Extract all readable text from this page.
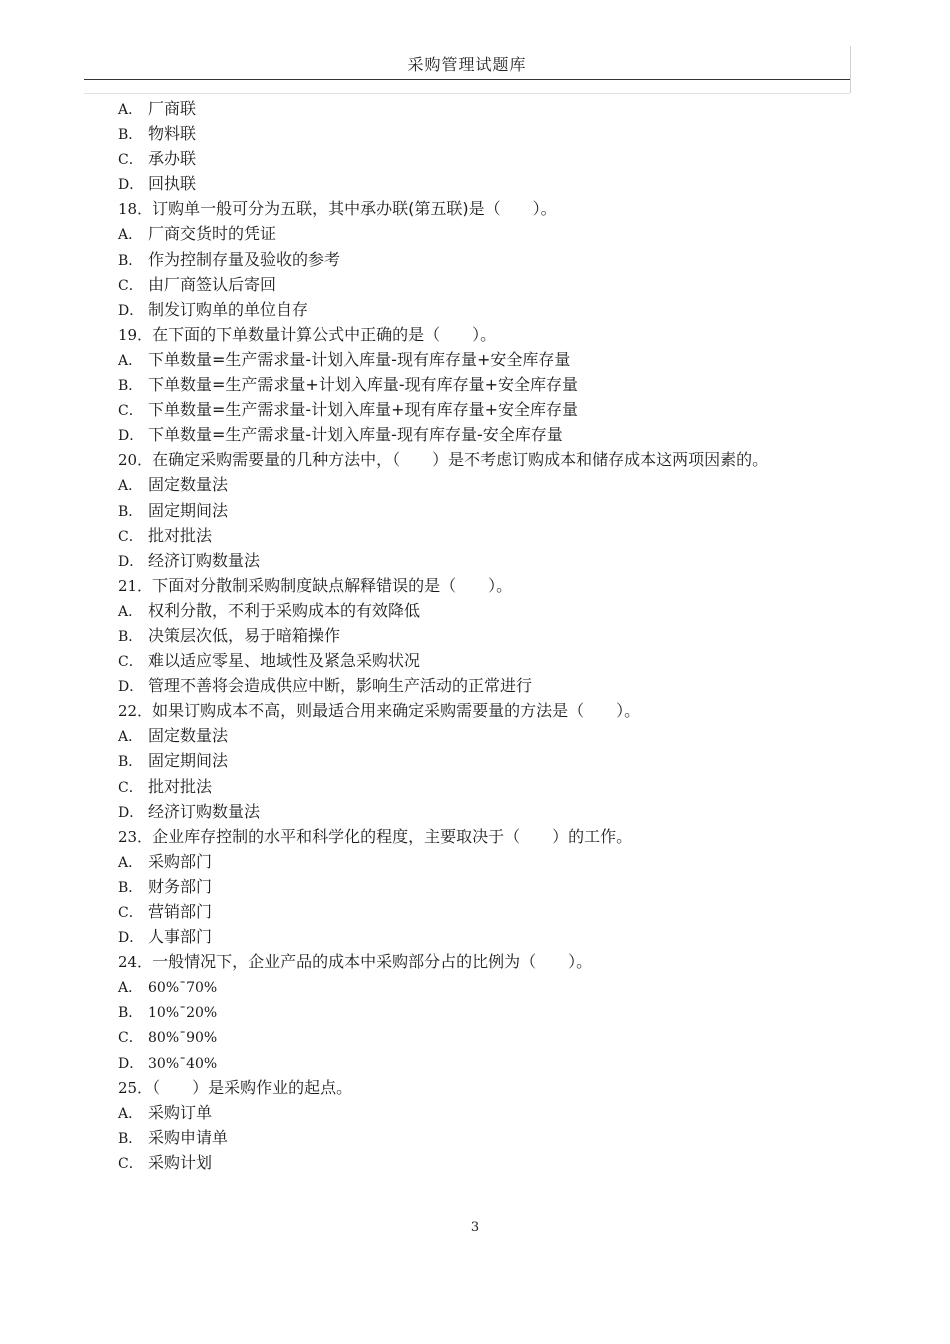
采购管理试题库
A． 厂商联
B． 物料联
C． 承办联
D． 回执联
18．订购单一般可分为五联，其中承办联(第五联)是（　　）。
A． 厂商交货时的凭证
B． 作为控制存量及验收的参考
C． 由厂商签认后寄回
D． 制发订购单的单位自存
19．在下面的下单数量计算公式中正确的是（　　）。
A． 下单数量=生产需求量-计划入库量-现有库存量+安全库存量
B． 下单数量=生产需求量+计划入库量-现有库存量+安全库存量
C． 下单数量=生产需求量-计划入库量+现有库存量+安全库存量
D． 下单数量=生产需求量-计划入库量-现有库存量-安全库存量
20．在确定采购需要量的几种方法中，（　　）是不考虑订购成本和储存成本这两项因素的。
A． 固定数量法
B． 固定期间法
C． 批对批法
D． 经济订购数量法
21．下面对分散制采购制度缺点解释错误的是（　　）。
A． 权利分散，不利于采购成本的有效降低
B． 决策层次低，易于暗箱操作
C． 难以适应零星、地域性及紧急采购状况
D． 管理不善将会造成供应中断，影响生产活动的正常进行
22．如果订购成本不高，则最适合用来确定采购需要量的方法是（　　）。
A． 固定数量法
B． 固定期间法
C． 批对批法
D． 经济订购数量法
23．企业库存控制的水平和科学化的程度，主要取决于（　　）的工作。
A． 采购部门
B． 财务部门
C． 营销部门
D． 人事部门
24．一般情况下，企业产品的成本中采购部分占的比例为（　　）。
A． 60%¯70%
B． 10%¯20%
C． 80%¯90%
D． 30%¯40%
25．（　　）是采购作业的起点。
A． 采购订单
B． 采购申请单
C． 采购计划
3
